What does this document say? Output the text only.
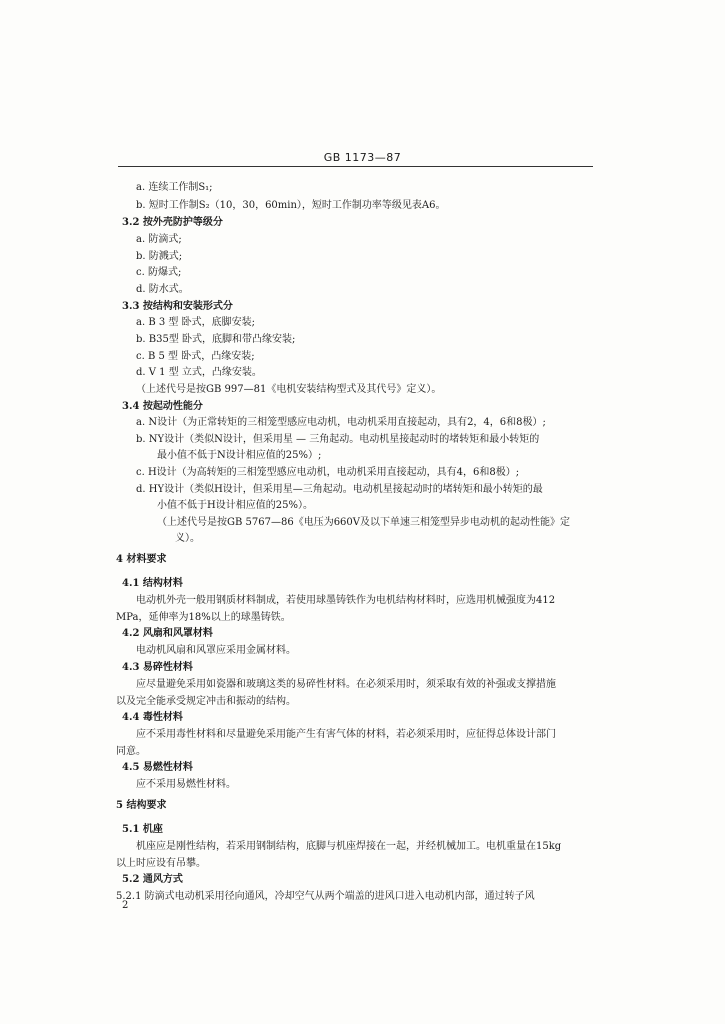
GB 1173—87
a. 连续工作制S₁;
b. 短时工作制S₂（10，30，60min），短时工作制功率等级见表A6。
3.2 按外壳防护等级分
a. 防滴式;
b. 防溅式;
c. 防爆式;
d. 防水式。
3.3 按结构和安装形式分
a. B 3 型 卧式，底脚安装;
b. B35型 卧式，底脚和带凸缘安装;
c. B 5 型 卧式，凸缘安装;
d. V 1 型 立式，凸缘安装。
（上述代号是按GB 997—81《电机安装结构型式及其代号》定义）。
3.4 按起动性能分
a. N设计（为正常转矩的三相笼型感应电动机，电动机采用直接起动，具有2，4，6和8极）;
b. NY设计（类似N设计，但采用星 — 三角起动。电动机星接起动时的堵转矩和最小转矩的
最小值不低于N设计相应值的25%）;
c. H设计（为高转矩的三相笼型感应电动机，电动机采用直接起动，具有4，6和8极）;
d. HY设计（类似H设计，但采用星—三角起动。电动机星接起动时的堵转矩和最小转矩的最
小值不低于H设计相应值的25%）。
（上述代号是按GB 5767—86《电压为660V及以下单速三相笼型异步电动机的起动性能》定
义）。
4 材料要求
4.1 结构材料
电动机外壳一般用钢质材料制成，若使用球墨铸铁作为电机结构材料时，应选用机械强度为412
MPa，延伸率为18%以上的球墨铸铁。
4.2 风扇和风罩材料
电动机风扇和风罩应采用金属材料。
4.3 易碎性材料
应尽量避免采用如瓷器和玻璃这类的易碎性材料。在必须采用时，须采取有效的补强或支撑措施
以及完全能承受规定冲击和振动的结构。
4.4 毒性材料
应不采用毒性材料和尽量避免采用能产生有害气体的材料，若必须采用时，应征得总体设计部门
同意。
4.5 易燃性材料
应不采用易燃性材料。
5 结构要求
5.1 机座
机座应是刚性结构，若采用钢制结构，底脚与机座焊接在一起，并经机械加工。电机重量在15kg
以上时应设有吊攀。
5.2 通风方式
5.2.1 防滴式电动机采用径向通风，冷却空气从两个端盖的进风口进入电动机内部，通过转子风
2
